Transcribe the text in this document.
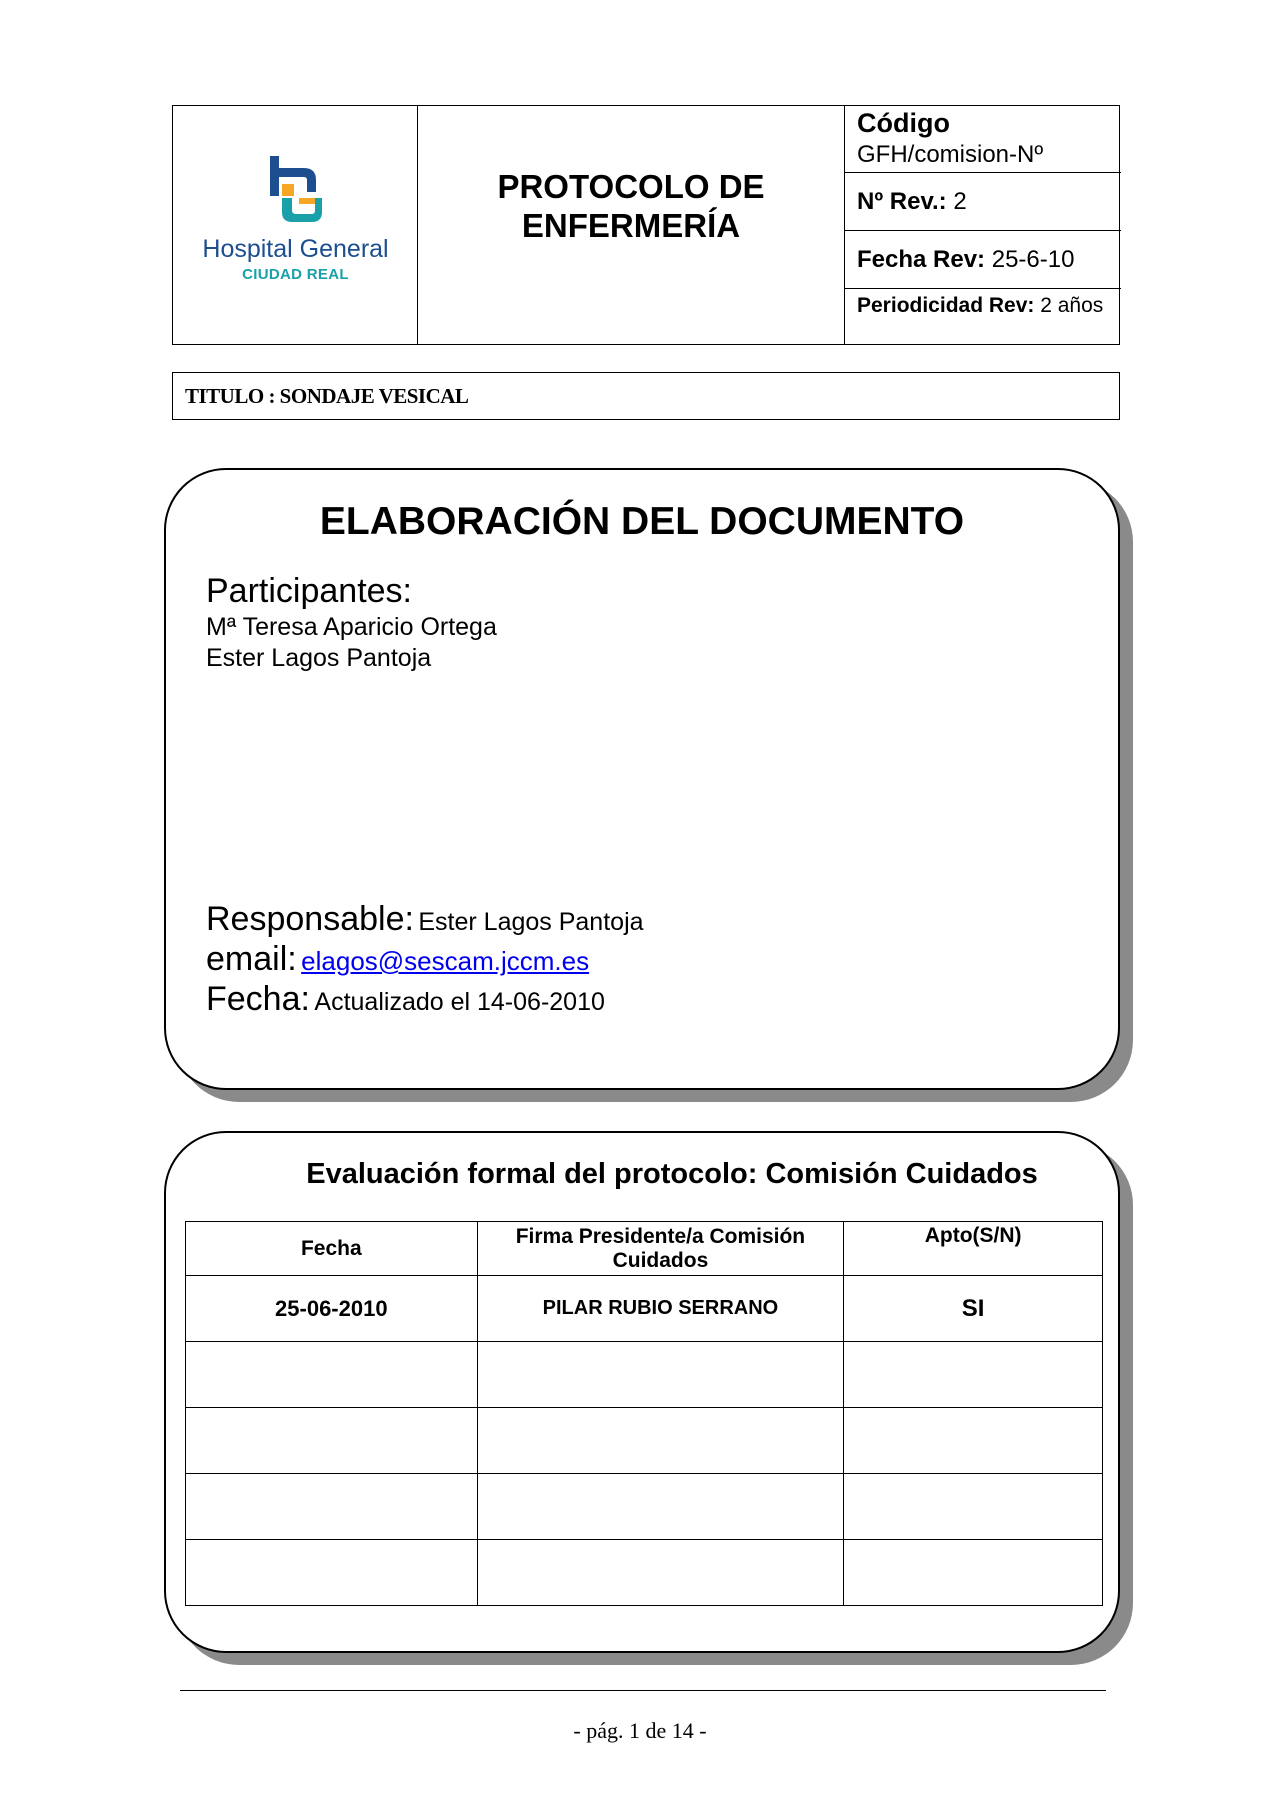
Hospital General
CIUDAD REAL
PROTOCOLO DE
ENFERMERÍA
Código
GFH/comision-Nº
Nº Rev.:
2
Fecha Rev:
25-6-10
Periodicidad Rev: 2 años
TITULO : SONDAJE VESICAL
ELABORACIÓN DEL DOCUMENTO
Participantes:
Mª Teresa Aparicio Ortega
Ester Lagos Pantoja
Responsable: Ester Lagos Pantoja
email: elagos@sescam.jccm.es
Fecha: Actualizado el 14-06-2010
Evaluación formal del protocolo: Comisión Cuidados
Fecha	Firma Presidente/a Comisión Cuidados	Apto(S/N)
25-06-2010	PILAR RUBIO SERRANO	SI

- pág. 1 de 14 -
